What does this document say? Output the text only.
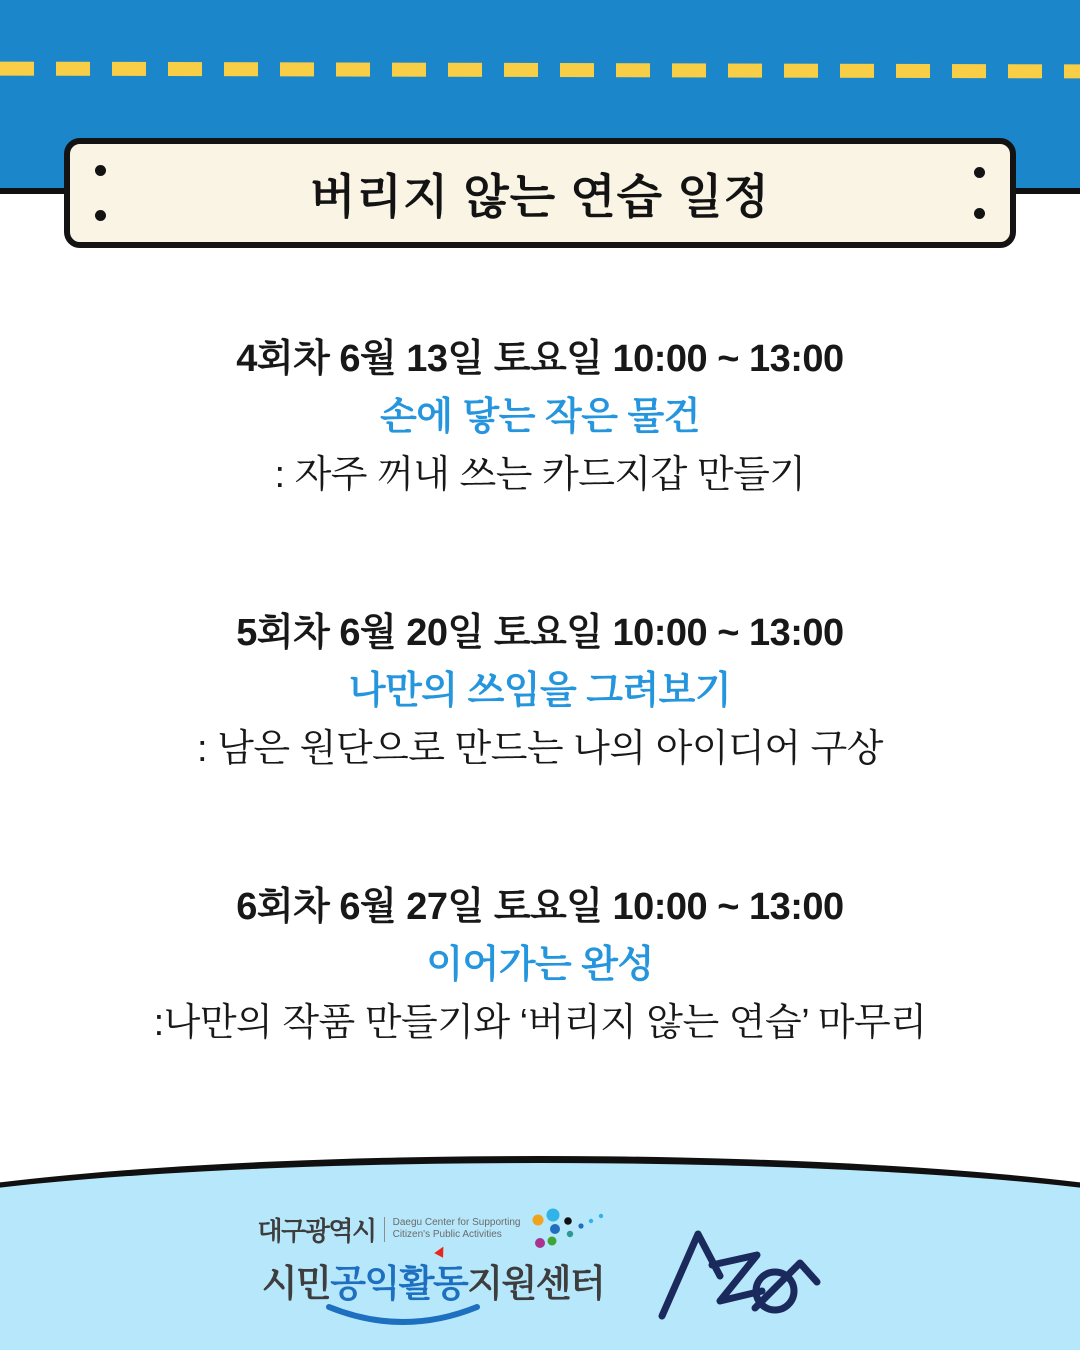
버리지 않는 연습 일정

4회차 6월 13일 토요일 10:00 ~ 13:00

손에 닿는 작은 물건

: 자주 꺼내 쓰는 카드지갑 만들기

5회차 6월 20일 토요일 10:00 ~ 13:00

나만의 쓰임을 그려보기

: 남은 원단으로 만드는 나의 아이디어 구상

6회차 6월 27일 토요일 10:00 ~ 13:00

이어가는 완성

:나만의 작품 만들기와 ‘버리지 않는 연습’ 마무리

대구광역시 Daegu Center for Supporting
Citizen's Public Activities
시민공익활동지원센터
